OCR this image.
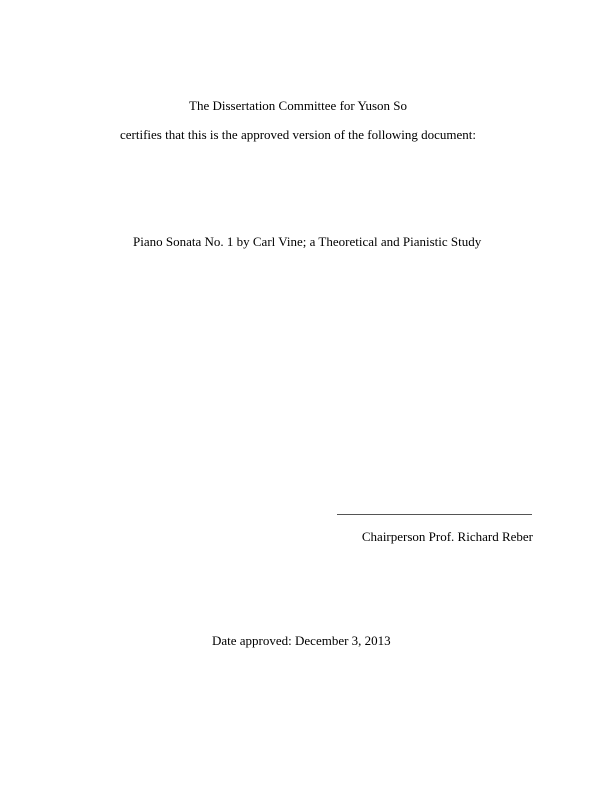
The Dissertation Committee for Yuson So
certifies that this is the approved version of the following document:
Piano Sonata No. 1 by Carl Vine; a Theoretical and Pianistic Study
Chairperson Prof. Richard Reber
Date approved: December 3, 2013
